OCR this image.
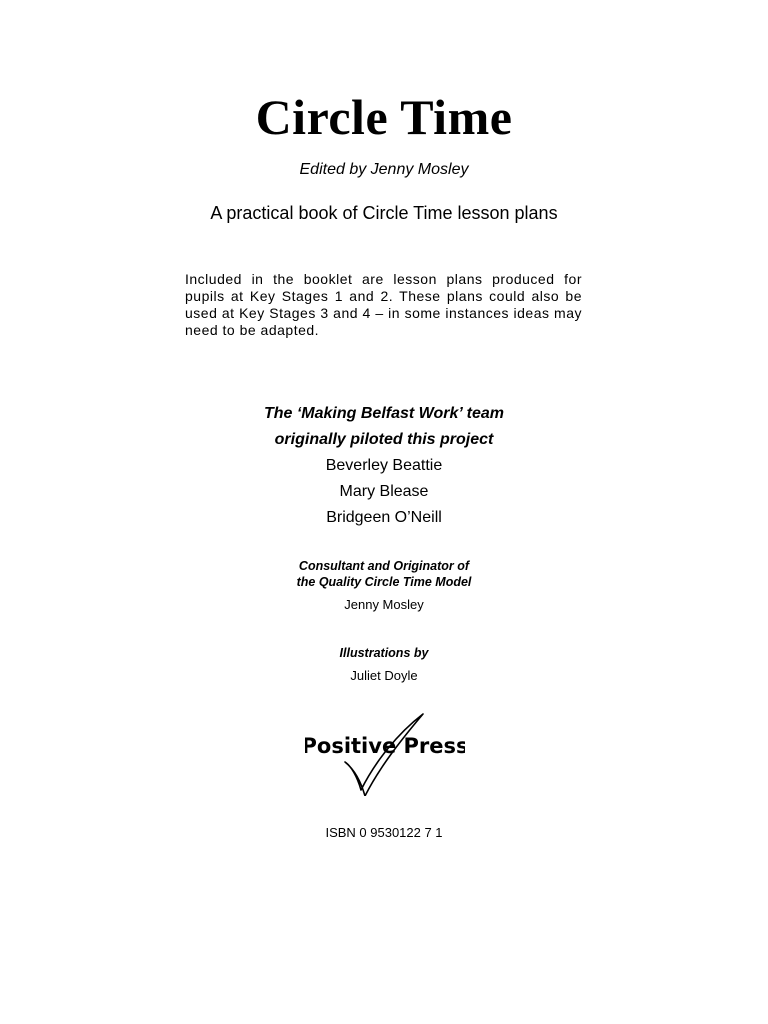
Circle Time

Edited by Jenny Mosley

A practical book of Circle Time lesson plans

Included in the booklet are lesson plans produced for pupils at Key Stages 1 and 2. These plans could also be used at Key Stages 3 and 4 – in some instances ideas may need to be adapted.

The ‘Making Belfast Work’ team

originally piloted this project

Beverley Beattie

Mary Blease

Bridgeen O’Neill

Consultant and Originator of

the Quality Circle Time Model

Jenny Mosley

Illustrations by

Juliet Doyle

Positive Press

ISBN 0 9530122 7 1
